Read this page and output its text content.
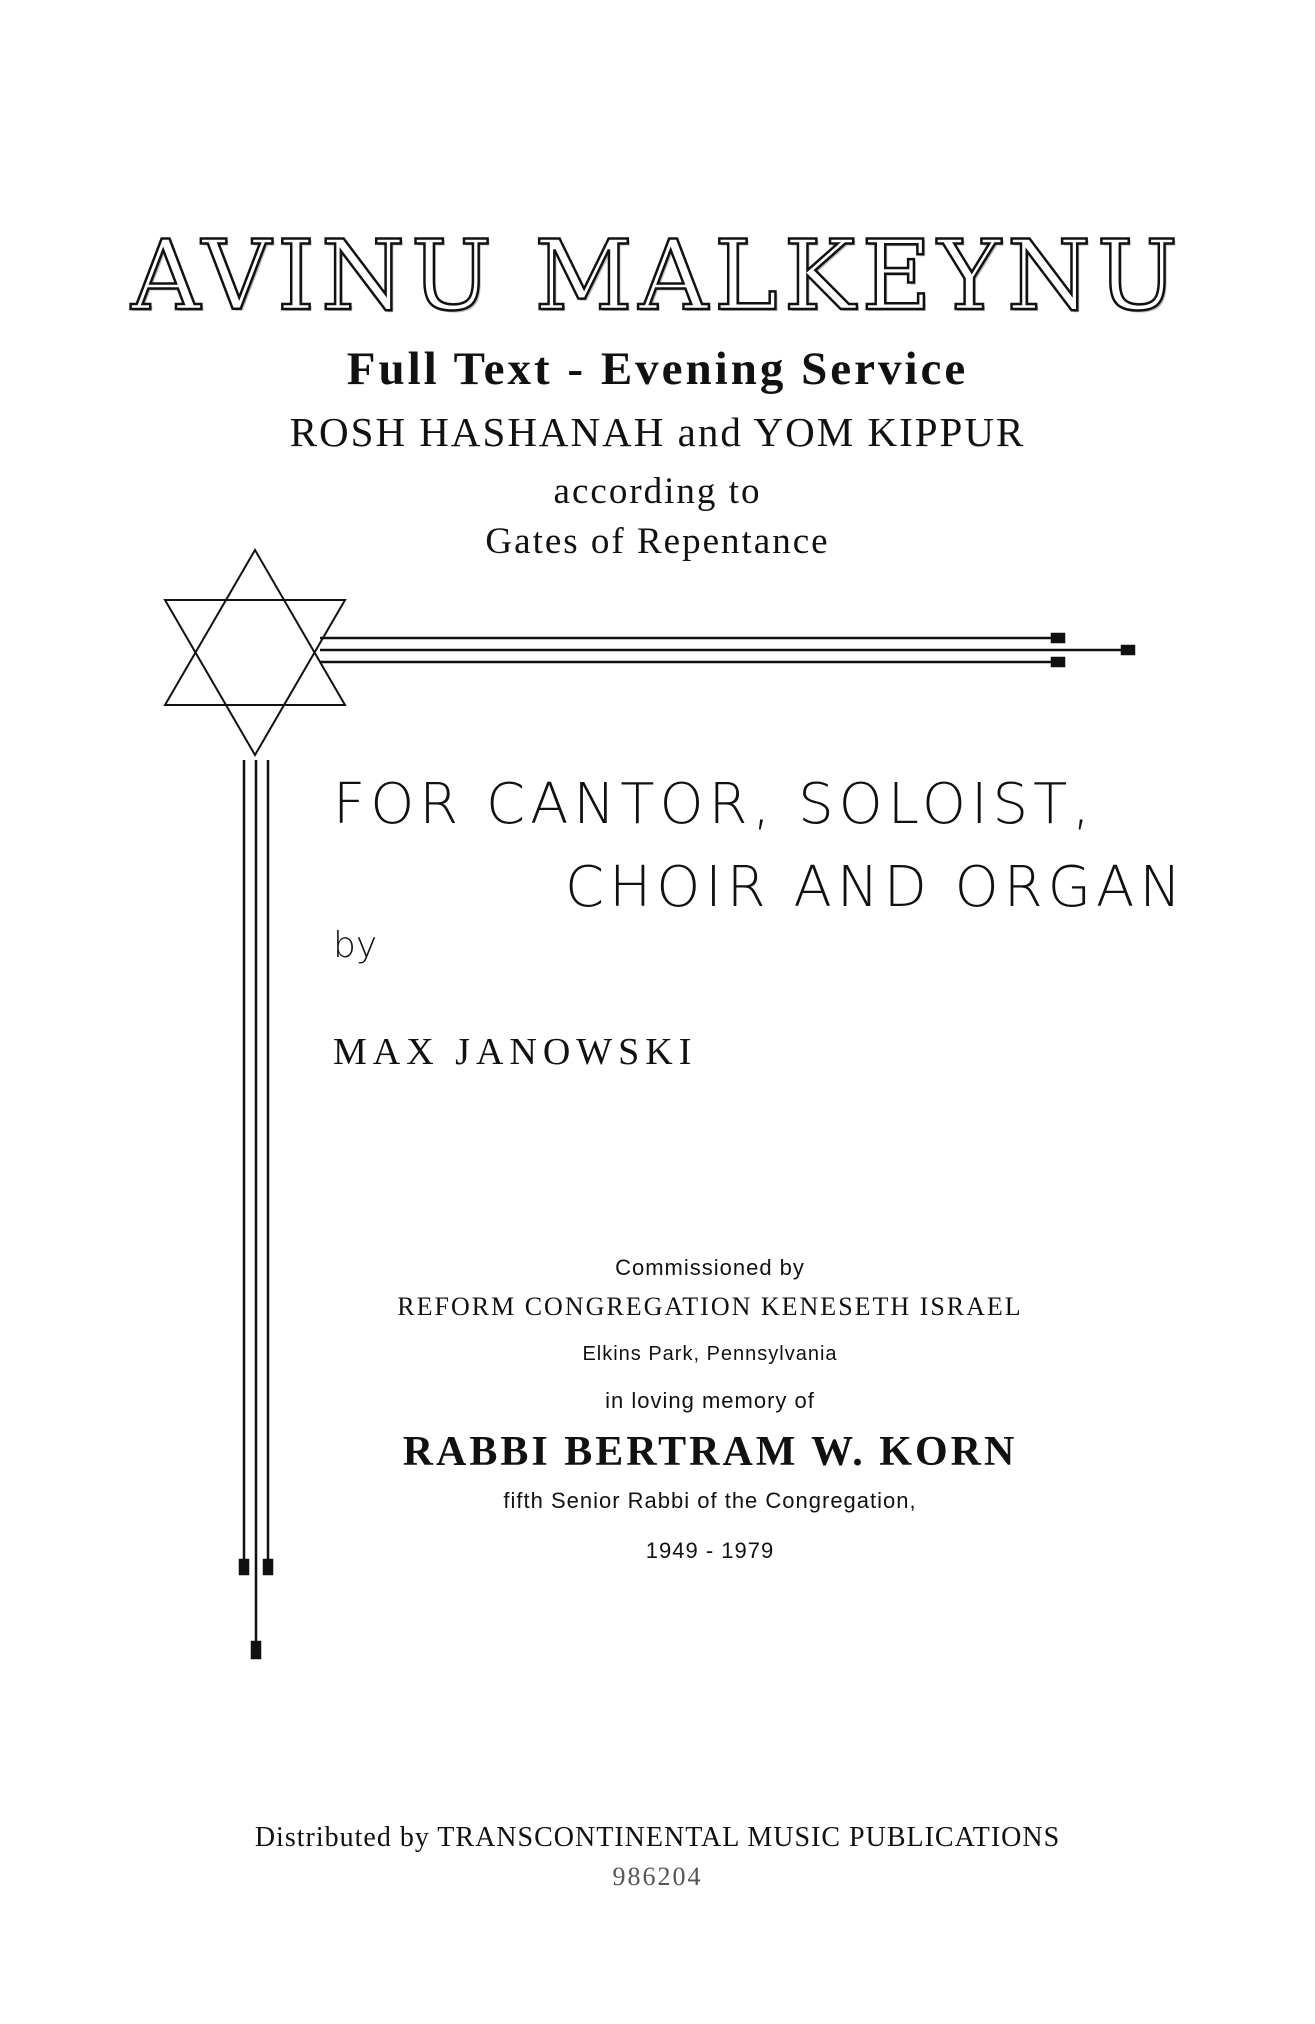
AVINU MALKEYNU
Full Text - Evening Service
ROSH HASHANAH and YOM KIPPUR
according to
Gates of Repentance
FOR CANTOR, SOLOIST,
CHOIR AND ORGAN
by
MAX JANOWSKI
Commissioned by
REFORM CONGREGATION KENESETH ISRAEL
Elkins Park, Pennsylvania
in loving memory of
RABBI BERTRAM W. KORN
fifth Senior Rabbi of the Congregation,
1949 - 1979
Distributed by TRANSCONTINENTAL MUSIC PUBLICATIONS
986204
